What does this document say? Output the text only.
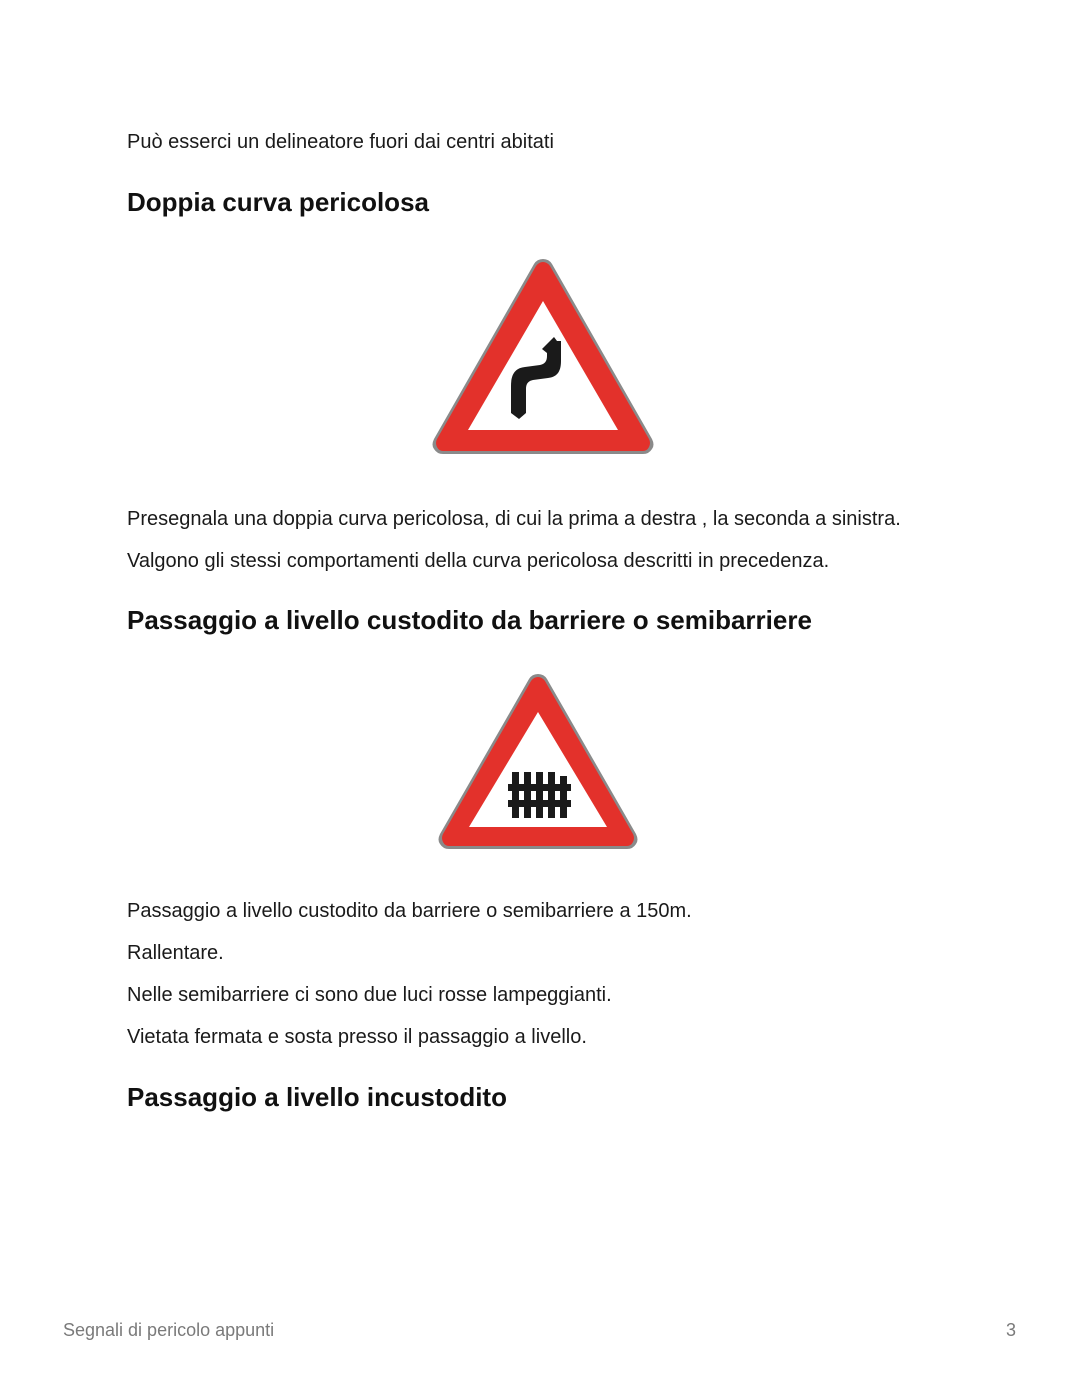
Può esserci un delineatore fuori dai centri abitati

Doppia curva pericolosa

Presegnala una doppia curva pericolosa, di cui la prima a destra , la seconda a sinistra.

Valgono gli stessi comportamenti della curva pericolosa descritti in precedenza.

Passaggio a livello custodito da barriere o semibarriere

Passaggio a livello custodito da barriere o semibarriere a 150m.

Rallentare.

Nelle semibarriere ci sono due luci rosse lampeggianti.

Vietata fermata e sosta presso il passaggio a livello.

Passaggio a livello incustodito
Segnali di pericolo appunti	3
